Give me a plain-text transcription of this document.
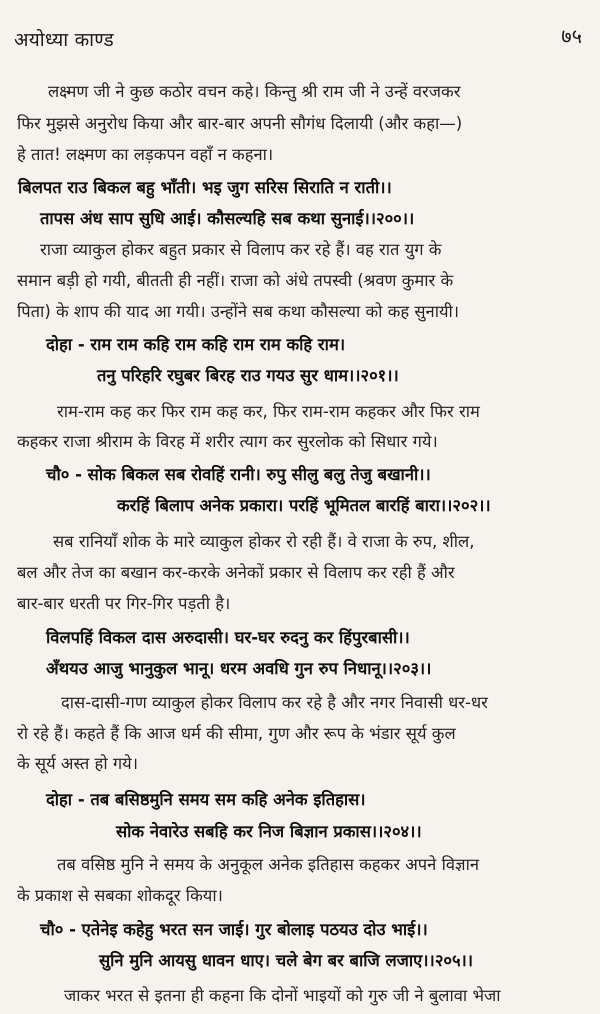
अयोध्या काण्ड	७५
लक्ष्मण जी ने कुछ कठोर वचन कहे। किन्तु श्री राम जी ने उन्हें वरजकर
फिर मुझसे अनुरोध किया और बार-बार अपनी सौगंध दिलायी (और कहा—)
हे तात! लक्ष्मण का लड़कपन वहाँ न कहना।
बिलपत राउ बिकल बहु भाँती। भइ जुग सरिस सिराति न राती।।
तापस अंध साप सुधि आई। कौसल्यहि सब कथा सुनाई।।२००।।
राजा व्याकुल होकर बहुत प्रकार से विलाप कर रहे हैं। वह रात युग के
समान बड़ी हो गयी, बीतती ही नहीं। राजा को अंधे तपस्वी (श्रवण कुमार के
पिता) के शाप की याद आ गयी। उन्होंने सब कथा कौसल्या को कह सुनायी।
दोहा - राम राम कहि राम कहि राम राम कहि राम।
तनु परिहरि रघुबर बिरह राउ गयउ सुर धाम।।२०१।।
राम-राम कह कर फिर राम कह कर, फिर राम-राम कहकर और फिर राम
कहकर राजा श्रीराम के विरह में शरीर त्याग कर सुरलोक को सिधार गये।
चौ० - सोक बिकल सब रोवहिं रानी। रुपु सीलु बलु तेजु बखानी।।
करहिं बिलाप अनेक प्रकारा। परहिं भूमितल बारहिं बारा।।२०२।।
सब रानियाँ शोक के मारे व्याकुल होकर रो रही हैं। वे राजा के रुप, शील,
बल और तेज का बखान कर-करके अनेकों प्रकार से विलाप कर रही हैं और
बार-बार धरती पर गिर-गिर पड़ती है।
विलपहिं विकल दास अरुदासी। घर-घर रुदनु कर हिंपुरबासी।।
अँथयउ आजु भानुकुल भानू। धरम अवधि गुन रुप निधानू।।२०३।।
दास-दासी-गण व्याकुल होकर विलाप कर रहे है और नगर निवासी धर-धर
रो रहे हैं। कहते हैं कि आज धर्म की सीमा, गुण और रूप के भंडार सूर्य कुल
के सूर्य अस्त हो गये।
दोहा - तब बसिष्ठमुनि समय सम कहि अनेक इतिहास।
सोक नेवारेउ सबहि कर निज बिज्ञान प्रकास।।२०४।।
तब वसिष्ठ मुनि ने समय के अनुकूल अनेक इतिहास कहकर अपने विज्ञान
के प्रकाश से सबका शोकदूर किया।
चौ० - एतेनेइ कहेहु भरत सन जाई। गुर बोलाइ पठयउ दोउ भाई।।
सुनि मुनि आयसु धावन धाए। चले बेग बर बाजि लजाए।।२०५।।
जाकर भरत से इतना ही कहना कि दोनों भाइयों को गुरु जी ने बुलावा भेजा
